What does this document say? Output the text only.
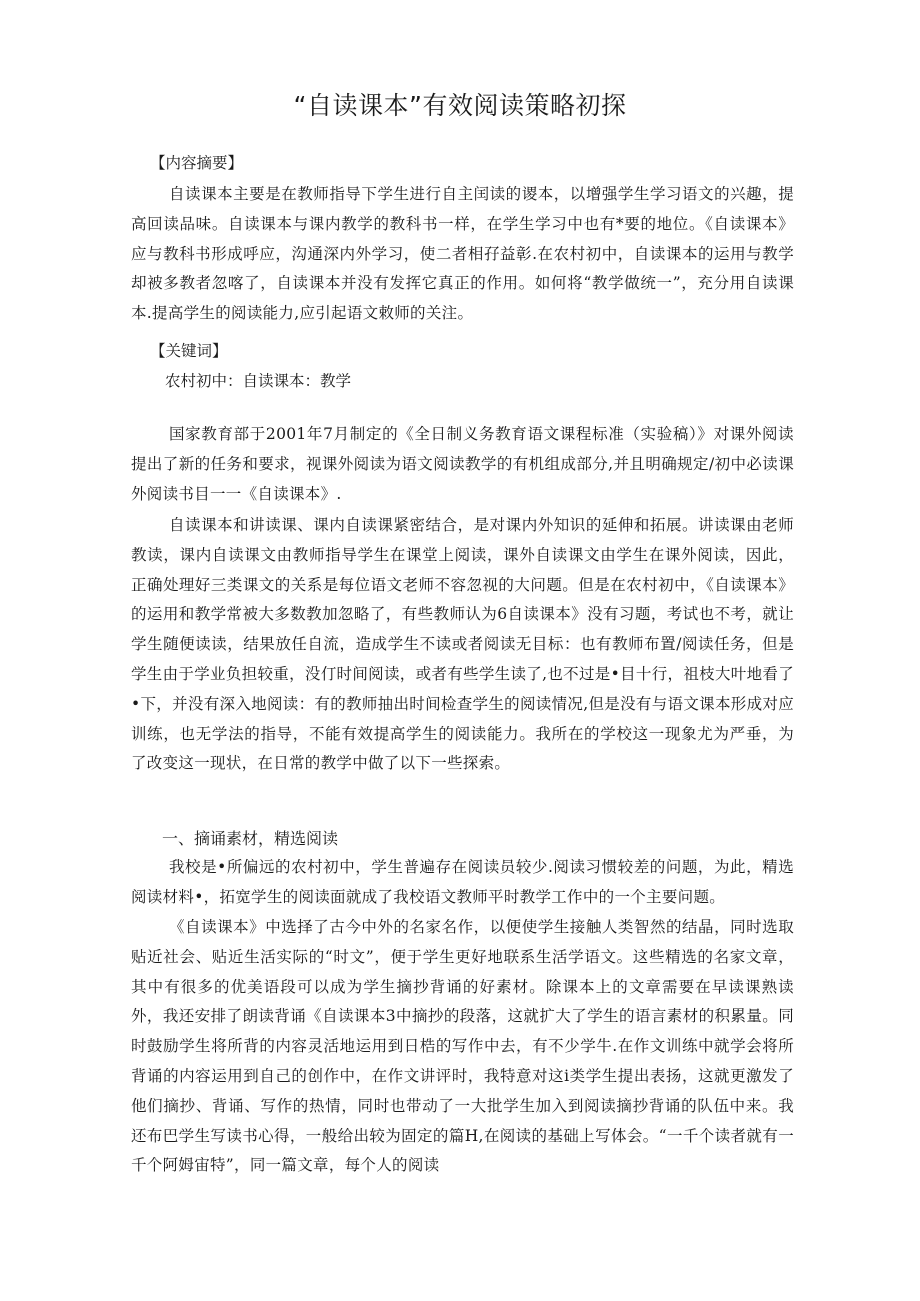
“自读课本”有效阅读策略初探
【内容摘要】

自读课本主要是在教师指导下学生进行自主闰读的谡本，以增强学生学习语文的兴趣，提高回读品味。自读课本与课内教学的教科书一样，在学生学习中也有*要的地位。《自读课本》应与教科书形成呼应，沟通深内外学习，使二者相孖益彰.在农村初中，自读课本的运用与教学却被多教者忽喀了，自读课本并没有发挥它真正的作用。如何将“教学做统一”，充分用自读课本.提高学生的阅读能力,应引起语文敕师的关注。

【关键词】
农村初中：自读课本：教学

国家教育部于2001年7月制定的《全日制义务教育语文课程标准（实验稿）》对课外阅读提出了新的任务和要求，视课外阅读为语文阅读教学的有机组成部分,并且明确规定/初中必读课外阅读书目一一《自读课本》.

自读课本和讲读课、课内自读课紧密结合，是对课内外知识的延伸和拓展。讲读课由老师教读，课内自读课文由教师指导学生在课堂上阅读，课外自读课文由学生在课外阅读，因此，正确处理好三类课文的关系是每位语文老师不容忽视的大问题。但是在农村初中，《自读课本》的运用和教学常被大多数教加忽略了，有些教师认为6自读课本》没有习题，考试也不考，就让学生随便读读，结果放任自流，造成学生不读或者阅读无目标：也有教师布置/阅读任务，但是学生由于学业负担较重，没仃时间阅读，或者有些学生读了,也不过是•目十行，祖枝大叶地看了•下，并没有深入地阅读：有的教师抽出时间检查学生的阅读情况,但是没有与语文课本形成对应训练，也无学法的指导，不能有效提高学生的阅读能力。我所在的学校这一现象尤为严垂，为了改变这一现状，在日常的教学中做了以下一些探索。

一、摘诵素材，精选阅读

我校是•所偏远的农村初中，学生普遍存在阅读员较少.阅读习惯较差的问题，为此，精选阅读材料•，拓宽学生的阅读面就成了我校语文教师平时教学工作中的一个主要问题。

《自读课本》中选择了古今中外的名家名作，以便使学生接触人类智然的结晶，同时选取贴近社会、贴近生活实际的“时文”，便于学生更好地联系生活学语文。这些精选的名家文章，其中有很多的优美语段可以成为学生摘抄背诵的好素材。除课本上的文章需要在早读课熟读外，我还安排了朗读背诵《自读课本3中摘抄的段落，这就扩大了学生的语言素材的积累量。同时鼓励学生将所背的内容灵活地运用到日梏的写作中去，有不少学牛.在作文训练中就学会将所背诵的内容运用到自己的创作中，在作文讲评时，我特意对这i类学生提出表扬，这就更激发了他们摘抄、背诵、写作的热情，同时也带动了一大批学生加入到阅读摘抄背诵的队伍中来。我还布巴学生写读书心得，一般给出较为固定的篇H,在阅读的基础上写体会。“一千个读者就有一千个阿姆宙特”，同一篇文章，每个人的阅读
